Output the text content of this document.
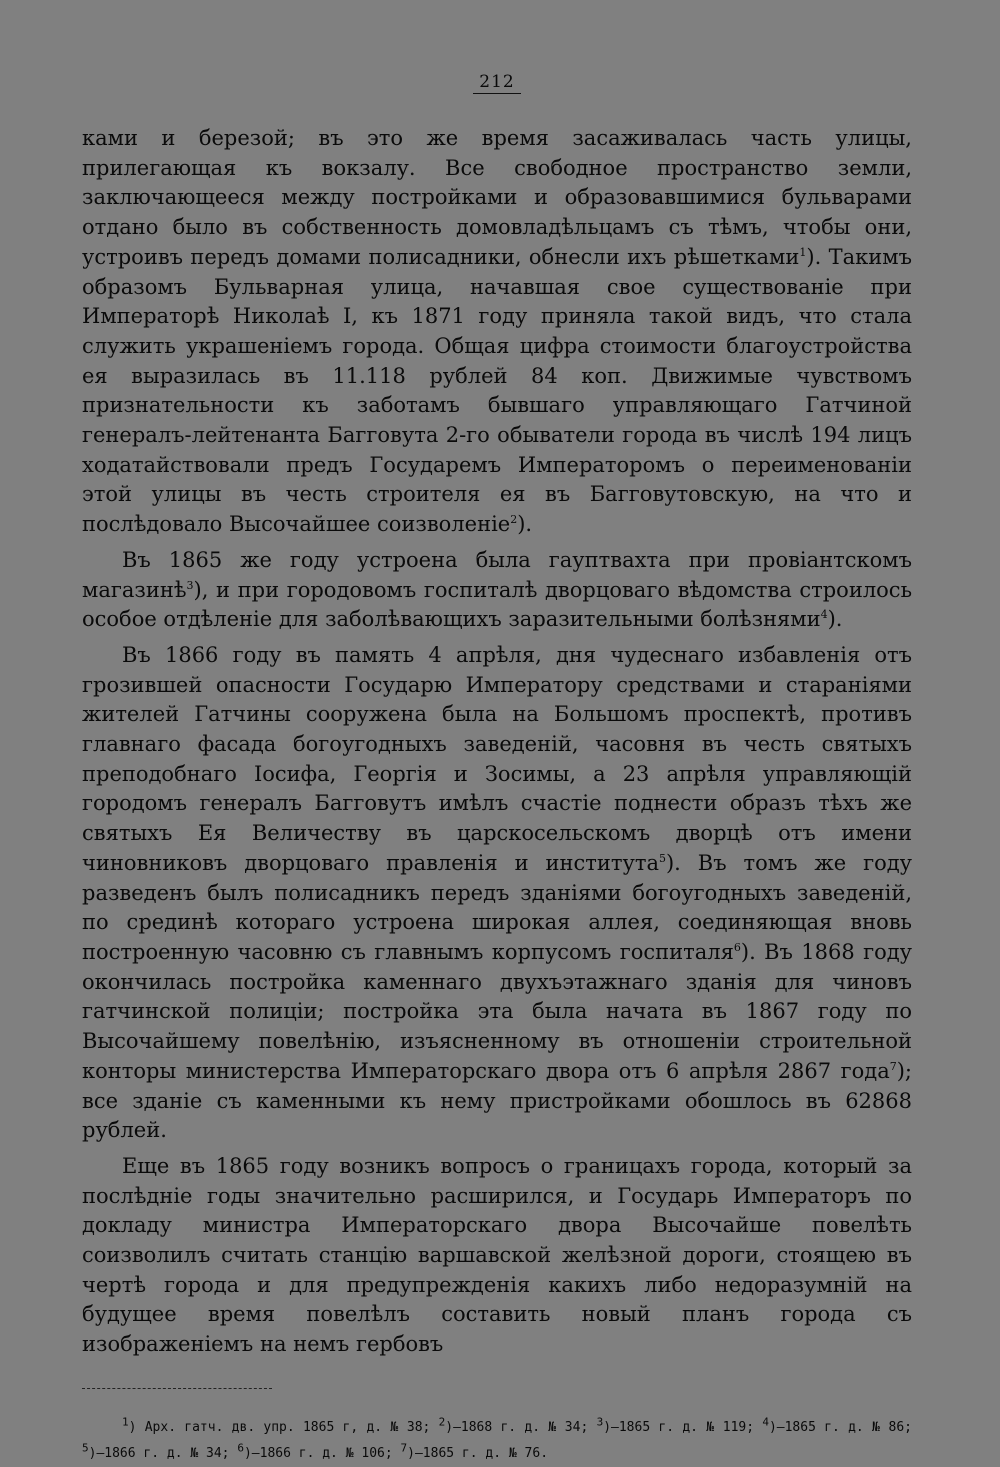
212

ками и березой; въ это же время засаживалась часть улицы, прилегающая къ вокзалу. Все свободное пространство земли, заключающееся между постройками и образовавшимися бульварами отдано было въ собственность домовладѣльцамъ съ тѣмъ, чтобы они, устроивъ передъ домами полисадники, обнесли ихъ рѣшетками$^1$). Такимъ образомъ Бульварная улица, начавшая свое существованіе при Императорѣ Николаѣ I, къ 1871 году приняла такой видъ, что стала служить украшеніемъ города. Общая цифра стоимости благоустройства ея выразилась въ 11.118 рублей 84 коп. Движимые чувствомъ признательности къ заботамъ бывшаго управляющаго Гатчиной генералъ-лейтенанта Бaгговута 2-го обыватели города въ числѣ 194 лицъ ходатайствовали предъ Государемъ Императоромъ о переименованіи этой улицы въ честь строителя ея въ Багговутовскую, на что и послѣдовало Высочайшее соизволеніе$^2$).

Въ 1865 же году устроена была гауптвахта при провіантскомъ магазинѣ$^3$), и при городовомъ госпиталѣ дворцоваго вѣдомства строилось особое отдѣленіе для заболѣвающихъ заразительными болѣзнями$^4$).

Въ 1866 году въ память 4 апрѣля, дня чудеснаго избавленія отъ грозившей опасности Государю Императору средствами и стараніями жителей Гатчины сооружена была на Большомъ проспектѣ, противъ главнаго фасада богоугодныхъ заведеній, часовня въ честь святыхъ преподобнаго Іосифа, Георгія и Зосимы, а 23 апрѣля управляющій городомъ генералъ Багговутъ имѣлъ счастіе поднести образъ тѣхъ же святыхъ Ея Величеству въ царскосельскомъ дворцѣ отъ имени чиновниковъ дворцоваго правленія и института$^5$). Въ томъ же году разведенъ былъ полисадникъ передъ зданіями богоугодныхъ заведеній, по срединѣ котораго устроена широкая аллея, соединяющая вновь построенную часовню съ главнымъ корпусомъ госпиталя$^6$). Въ 1868 году окончилась постройка каменнаго двухъэтажнаго зданія для чиновъ гатчинской полиціи; постройка эта была начата въ 1867 году по Высочайшему повелѣнію, изъясненному въ отношеніи строительной конторы министерства Императорскаго двора отъ 6 апрѣля 2867 года$^7$); все зданіе съ каменными къ нему пристройками обошлось въ 62868 рублей.

Еще въ 1865 году возникъ вопросъ о границахъ города, который за послѣдніе годы значительно расширился, и Государь Императоръ по докладу министра Императорскаго двора Высочайше повелѣть соизволилъ считать станцію варшавской желѣзной дороги, стоящею въ чертѣ города и для предупрежденія какихъ либо недоразумній на будущее время повелѣлъ составить новый планъ города съ изображеніемъ на немъ гербовъ

$^1$) Арх. гатч. дв. упр. 1865 г, д. № 38; $^2$)—1868 г. д. № 34; $^3$)—1865 г. д. № 119; $^4$)—1865 г. д. № 86; $^5$)—1866 г. д. № 34; $^6$)—1866 г. д. № 106; $^7$)—1865 г. д. № 76.
